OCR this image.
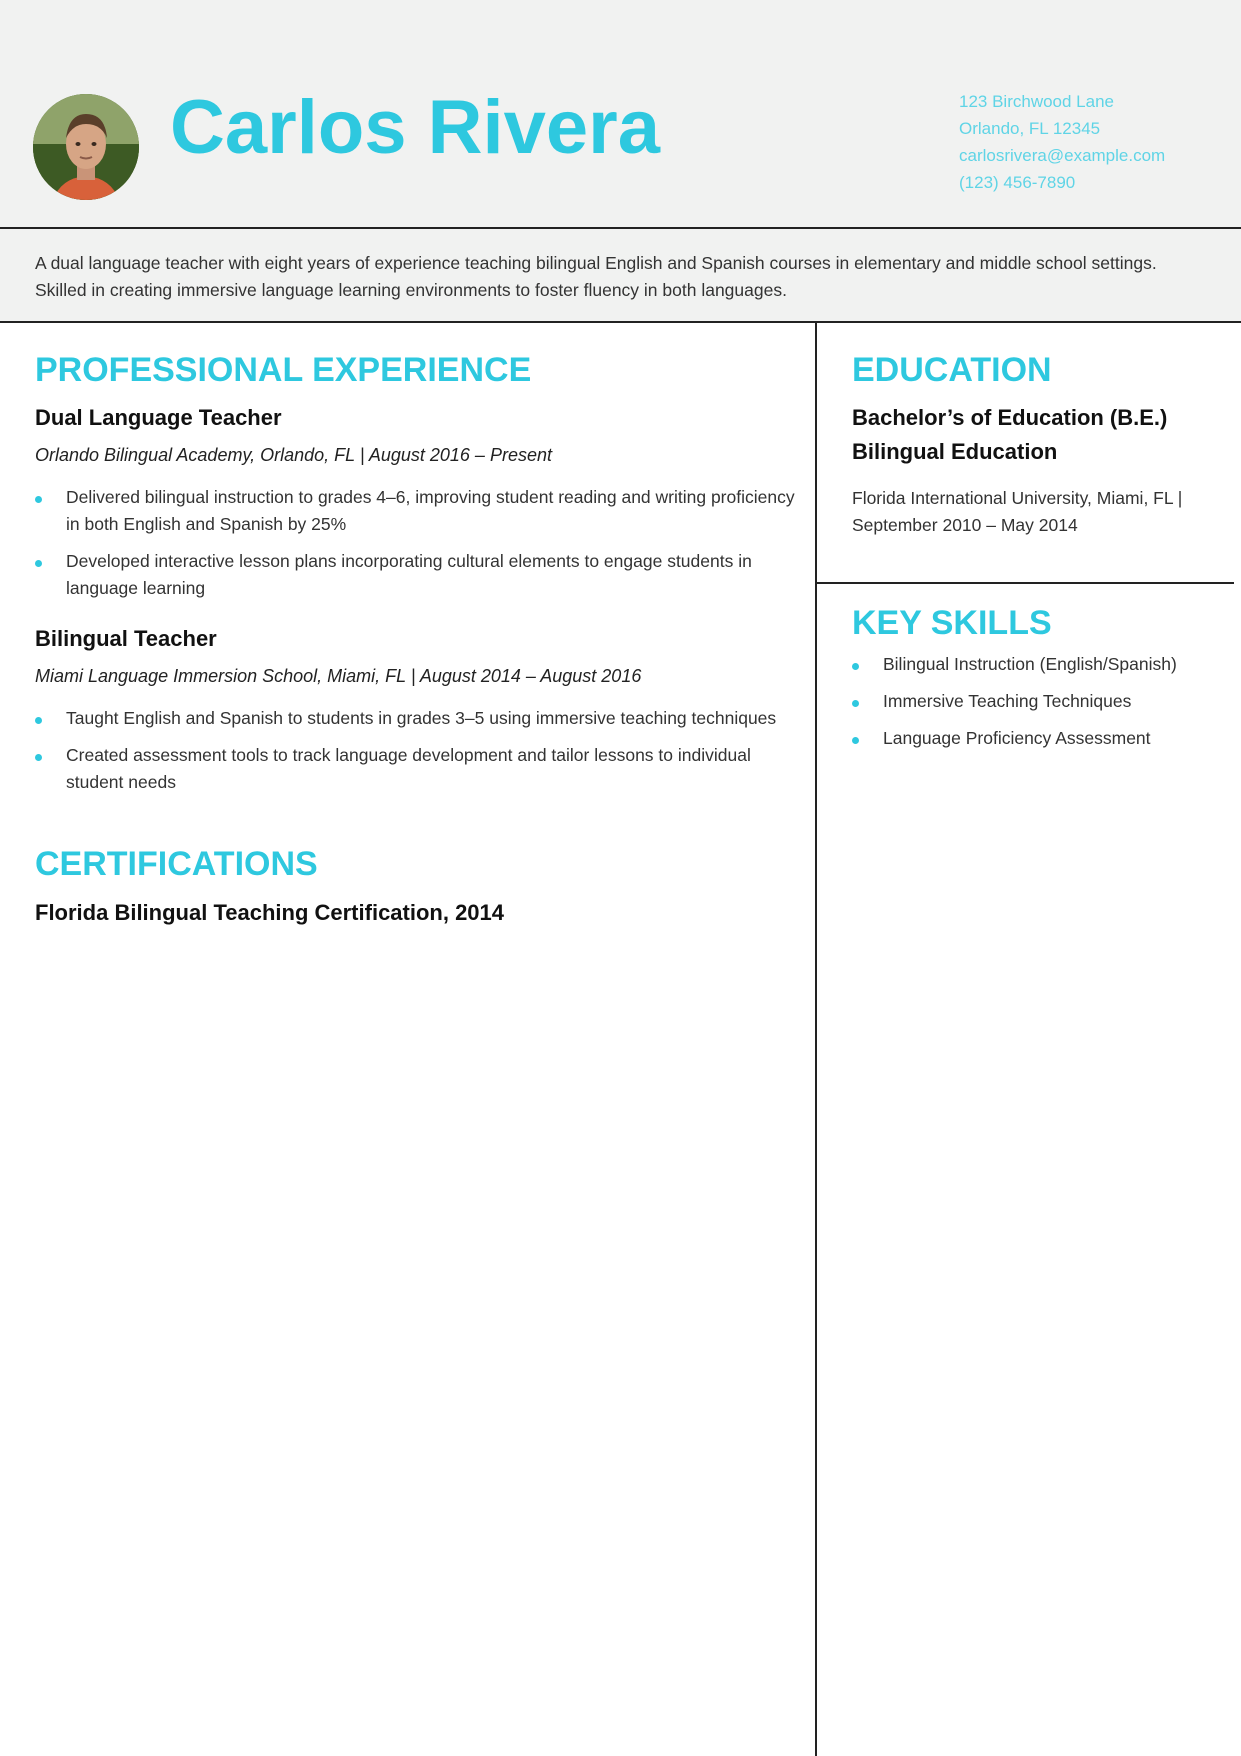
Carlos Rivera	123 Birchwood Lane
Orlando, FL 12345
carlosrivera@example.com
(123) 456-7890
A dual language teacher with eight years of experience teaching bilingual English and Spanish courses in elementary and middle school settings. Skilled in creating immersive language learning environments to foster fluency in both languages.
PROFESSIONAL EXPERIENCE
Dual Language Teacher
Orlando Bilingual Academy, Orlando, FL | August 2016 – Present
Delivered bilingual instruction to grades 4–6, improving student reading and writing proficiency in both English and Spanish by 25%
Developed interactive lesson plans incorporating cultural elements to engage students in language learning
Bilingual Teacher
Miami Language Immersion School, Miami, FL | August 2014 – August 2016
Taught English and Spanish to students in grades 3–5 using immersive teaching techniques
Created assessment tools to track language development and tailor lessons to individual student needs
CERTIFICATIONS
Florida Bilingual Teaching Certification, 2014
EDUCATION
Bachelor’s of Education (B.E.)
Bilingual Education
Florida International University, Miami, FL | September 2010 – May 2014
KEY SKILLS
Bilingual Instruction (English/Spanish)
Immersive Teaching Techniques
Language Proficiency Assessment
